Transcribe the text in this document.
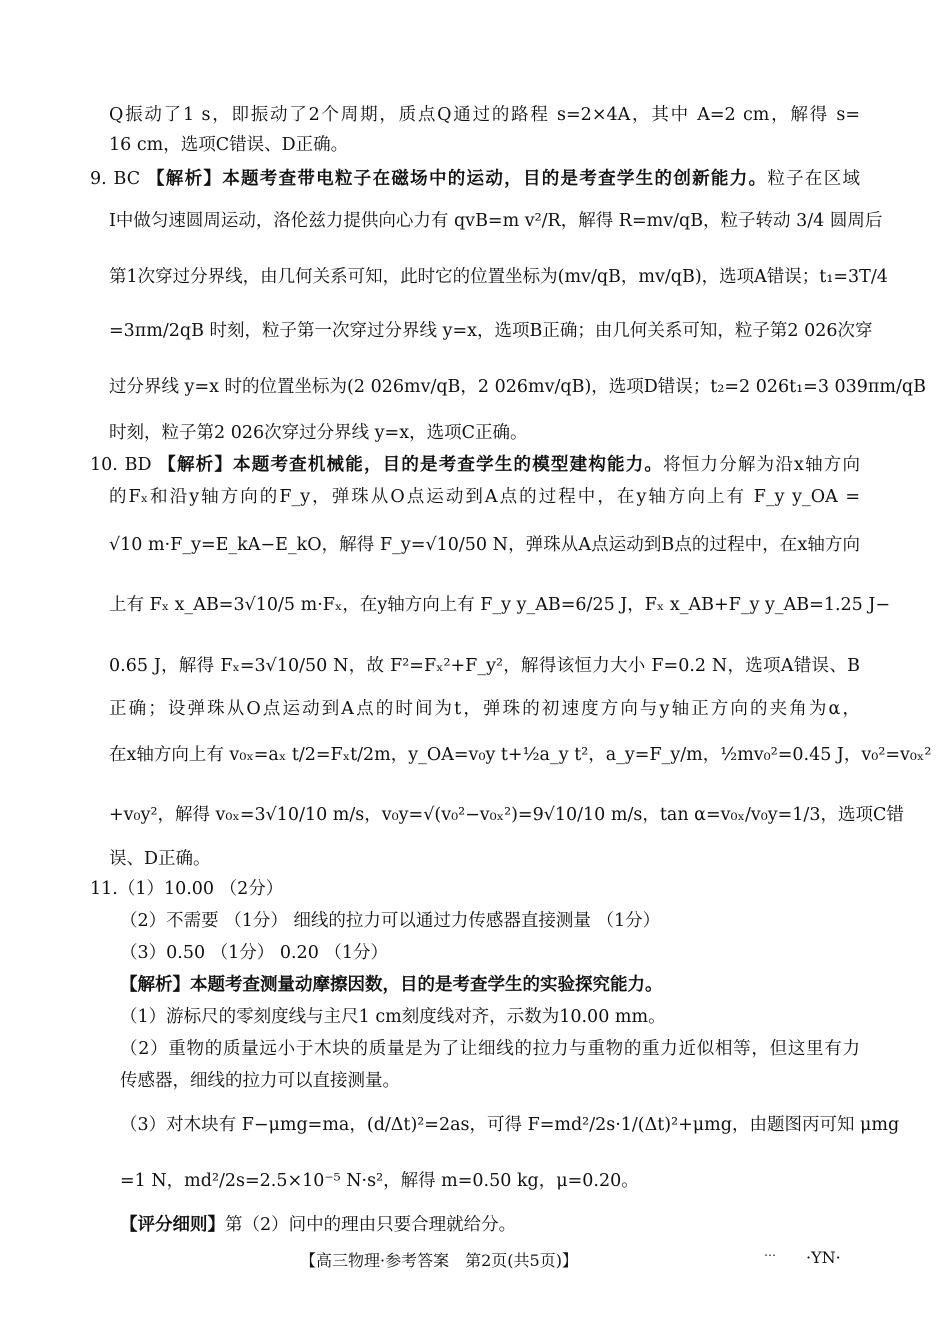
Q振动了1 s，即振动了2个周期，质点Q通过的路程 s=2×4A，其中 A=2 cm，解得 s=
16 cm，选项C错误、D正确。
9. BC 【解析】本题考查带电粒子在磁场中的运动，目的是考查学生的创新能力。粒子在区域
Ⅰ中做匀速圆周运动，洛伦兹力提供向心力有 qvB=m v²/R，解得 R=mv/qB，粒子转动 3/4 圆周后
第1次穿过分界线，由几何关系可知，此时它的位置坐标为(mv/qB，mv/qB)，选项A错误；t₁=3T/4
=3πm/2qB 时刻，粒子第一次穿过分界线 y=x，选项B正确；由几何关系可知，粒子第2 026次穿
过分界线 y=x 时的位置坐标为(2 026mv/qB，2 026mv/qB)，选项D错误；t₂=2 026t₁=3 039πm/qB
时刻，粒子第2 026次穿过分界线 y=x，选项C正确。
10. BD 【解析】本题考查机械能，目的是考查学生的模型建构能力。将恒力分解为沿x轴方向
的Fₓ和沿y轴方向的F_y，弹珠从O点运动到A点的过程中，在y轴方向上有 F_y y_OA =
√10 m·F_y=E_kA−E_kO，解得 F_y=√10/50 N，弹珠从A点运动到B点的过程中，在x轴方向
上有 Fₓ x_AB=3√10/5 m·Fₓ，在y轴方向上有 F_y y_AB=6/25 J，Fₓ x_AB+F_y y_AB=1.25 J−
0.65 J，解得 Fₓ=3√10/50 N，故 F²=Fₓ²+F_y²，解得该恒力大小 F=0.2 N，选项A错误、B
正确；设弹珠从O点运动到A点的时间为t，弹珠的初速度方向与y轴正方向的夹角为α，
在x轴方向上有 v₀ₓ=aₓ t/2=Fₓt/2m，y_OA=v₀y t+½a_y t²，a_y=F_y/m，½mv₀²=0.45 J，v₀²=v₀ₓ²
+v₀y²，解得 v₀ₓ=3√10/10 m/s，v₀y=√(v₀²−v₀ₓ²)=9√10/10 m/s，tan α=v₀ₓ/v₀y=1/3，选项C错
误、D正确。
11.（1）10.00 （2分）
（2）不需要 （1分） 细线的拉力可以通过力传感器直接测量 （1分）
（3）0.50 （1分） 0.20 （1分）
【解析】本题考查测量动摩擦因数，目的是考查学生的实验探究能力。
（1）游标尺的零刻度线与主尺1 cm刻度线对齐，示数为10.00 mm。
（2）重物的质量远小于木块的质量是为了让细线的拉力与重物的重力近似相等，但这里有力
传感器，细线的拉力可以直接测量。
（3）对木块有 F−μmg=ma，(d/Δt)²=2as，可得 F=md²/2s·1/(Δt)²+μmg，由题图丙可知 μmg
=1 N，md²/2s=2.5×10⁻⁵ N·s²，解得 m=0.50 kg，μ=0.20。
【评分细则】第（2）问中的理由只要合理就给分。
【高三物理·参考答案　第2页(共5页)】	… ·YN·
